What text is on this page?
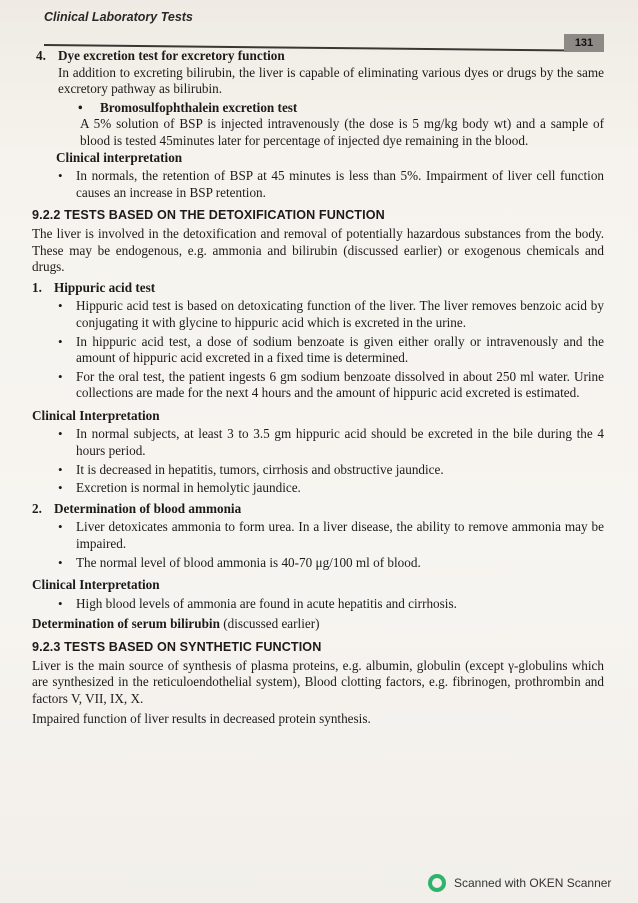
Clinical Laboratory Tests
131

4. Dye excretion test for excretory function

In addition to excreting bilirubin, the liver is capable of eliminating various dyes or drugs by the same excretory pathway as bilirubin.

• Bromosulfophthalein excretion test

A 5% solution of BSP is injected intravenously (the dose is 5 mg/kg body wt) and a sample of blood is tested 45minutes later for percentage of injected dye remaining in the blood.

Clinical interpretation

• In normals, the retention of BSP at 45 minutes is less than 5%. Impairment of liver cell function causes an increase in BSP retention.

9.2.2 TESTS BASED ON THE DETOXIFICATION FUNCTION

The liver is involved in the detoxification and removal of potentially hazardous substances from the body. These may be endogenous, e.g. ammonia and bilirubin (discussed earlier) or exogenous chemicals and drugs.

1. Hippuric acid test

• Hippuric acid test is based on detoxicating function of the liver. The liver removes benzoic acid by conjugating it with glycine to hippuric acid which is excreted in the urine.
• In hippuric acid test, a dose of sodium benzoate is given either orally or intravenously and the amount of hippuric acid excreted in a fixed time is determined.
• For the oral test, the patient ingests 6 gm sodium benzoate dissolved in about 250 ml water. Urine collections are made for the next 4 hours and the amount of hippuric acid excreted is estimated.

Clinical Interpretation

• In normal subjects, at least 3 to 3.5 gm hippuric acid should be excreted in the bile during the 4 hours period.
• It is decreased in hepatitis, tumors, cirrhosis and obstructive jaundice.
• Excretion is normal in hemolytic jaundice.

2. Determination of blood ammonia

• Liver detoxicates ammonia to form urea. In a liver disease, the ability to remove ammonia may be impaired.
• The normal level of blood ammonia is 40-70 μg/100 ml of blood.

Clinical Interpretation

• High blood levels of ammonia are found in acute hepatitis and cirrhosis.

Determination of serum bilirubin (discussed earlier)

9.2.3 TESTS BASED ON SYNTHETIC FUNCTION

Liver is the main source of synthesis of plasma proteins, e.g. albumin, globulin (except γ-globulins which are synthesized in the reticuloendothelial system), Blood clotting factors, e.g. fibrinogen, prothrombin and factors V, VII, IX, X.

Impaired function of liver results in decreased protein synthesis.

Scanned with OKEN Scanner
